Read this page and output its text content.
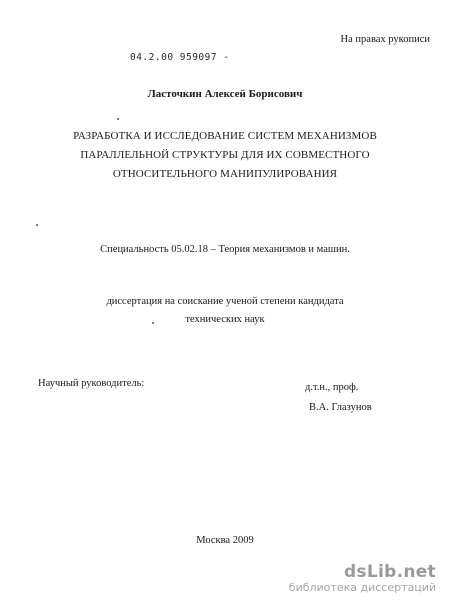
На правах рукописи
04.2.00 959097 -
Ласточкин Алексей Борисович
РАЗРАБОТКА И ИССЛЕДОВАНИЕ СИСТЕМ МЕХАНИЗМОВ
ПАРАЛЛЕЛЬНОЙ СТРУКТУРЫ ДЛЯ ИХ СОВМЕСТНОГО
ОТНОСИТЕЛЬНОГО МАНИПУЛИРОВАНИЯ
Специальность 05.02.18 – Теория механизмов и машин.
диссертация на соискание ученой степени кандидата
технических наук
Научный руководитель:	д.т.н., проф.
В.А. Глазунов
Москва 2009
dsLib.net
библиотека диссертаций
